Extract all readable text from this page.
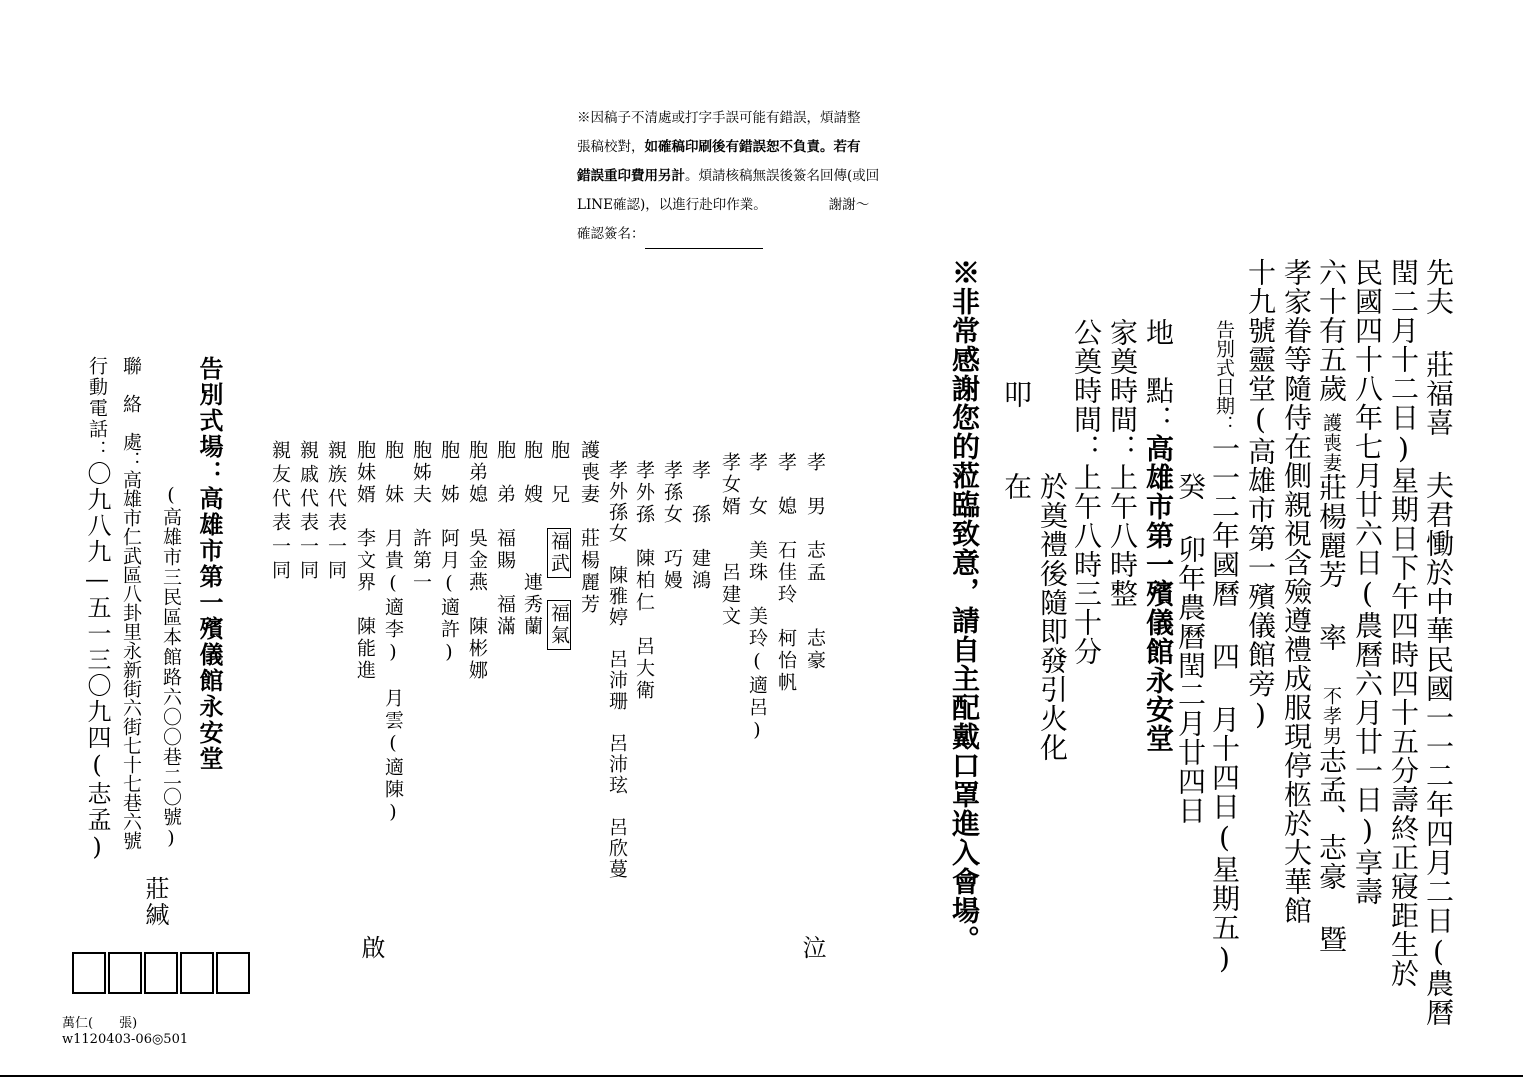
※因稿子不清處或打字手誤可能有錯誤，煩請整

張稿校對，如確稿印刷後有錯誤恕不負責。若有

錯誤重印費用另計。煩請核稿無誤後簽名回傳(或回

LINE確認)，以進行赴印作業。	謝謝～

確認簽名：

先夫 莊福喜 夫君慟於中華民國一一二年四月二日(農曆
閏二月十二日)星期日下午四時四十五分壽終正寢距生於
民國四十八年七月廿六日(農曆六月廿一日)享壽
六十有五歲護喪妻莊楊麗芳 率 不孝男志孟、志豪 暨
孝家眷等隨侍在側親視含殮遵禮成服現停柩於大華館
十九號靈堂(高雄市第一殯儀館旁)
告別式日期：一一二年國曆 四 月十四日(星期五)
癸 卯年農曆閏二月廿四日
地　點：高雄市第一殯儀館永安堂
家奠時間：上午八時整
公奠時間：上午八時三十分
於奠禮後隨即發引火化
叩
在
※非常感謝您的蒞臨致意，請自主配戴口罩進入會場。
孝　男　志孟　　志豪
孝　媳　石佳玲　柯怡帆
孝　女　美珠　美玲(適呂)
孝女婿　　呂建文
孝　孫　建鴻
孝孫女　巧嫚
孝外孫　陳柏仁　呂大衛
孝外孫女　陳雅婷　呂沛珊　呂沛玹　呂欣蔓
護喪妻　莊楊麗芳
胞　兄　福武　福氣
胞　嫂　　　連秀蘭
胞　弟　福賜　福滿
胞弟媳　吳金燕　陳彬娜
胞　姊　阿月(適許)
胞姊夫　許第一
胞　妹　月貴(適李)　月雲(適陳)
胞妹婿　李文界　陳能進
親族代表一同
親戚代表一同
親友代表一同
泣
啟
告別式場：高雄市第一殯儀館永安堂
(高雄市三民區本館路六〇〇巷二〇號)
聯　絡　處：高雄市仁武區八卦里永新街六街七十七巷六號
行動電話：〇九八九—五一三〇九四(志孟)
莊緘
萬仁(　　張)
w1120403-06◎501
